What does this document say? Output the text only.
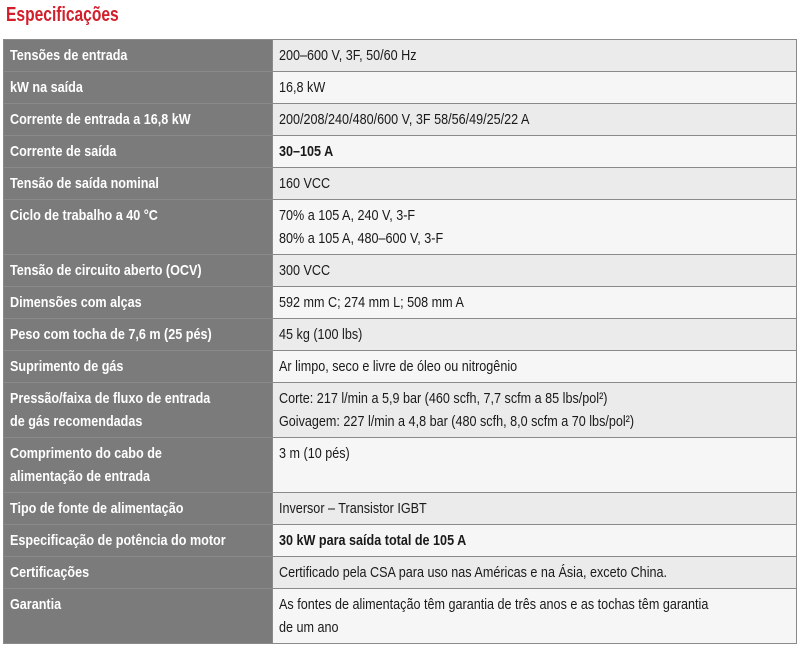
Especificações
Tensões de entrada	200–600 V, 3F, 50/60 Hz

kW na saída	16,8 kW

Corrente de entrada a 16,8 kW	200/208/240/480/600 V, 3F 58/56/49/25/22 A

Corrente de saída	30–105 A

Tensão de saída nominal	160 VCC

Ciclo de trabalho a 40 °C	70% a 105 A, 240 V, 3-F
80% a 105 A, 480–600 V, 3-F

Tensão de circuito aberto (OCV)	300 VCC

Dimensões com alças	592 mm C; 274 mm L; 508 mm A

Peso com tocha de 7,6 m (25 pés)	45 kg (100 lbs)

Suprimento de gás	Ar limpo, seco e livre de óleo ou nitrogênio

Pressão/faixa de fluxo de entrada
de gás recomendadas	Corte: 217 l/min a 5,9 bar (460 scfh, 7,7 scfm a 85 lbs/pol²)
Goivagem: 227 l/min a 4,8 bar (480 scfh, 8,0 scfm a 70 lbs/pol²)

Comprimento do cabo de
alimentação de entrada	3 m (10 pés)

Tipo de fonte de alimentação	Inversor – Transistor IGBT

Especificação de potência do motor	30 kW para saída total de 105 A

Certificações	Certificado pela CSA para uso nas Américas e na Ásia, exceto China.

Garantia	As fontes de alimentação têm garantia de três anos e as tochas têm garantia
de um ano
